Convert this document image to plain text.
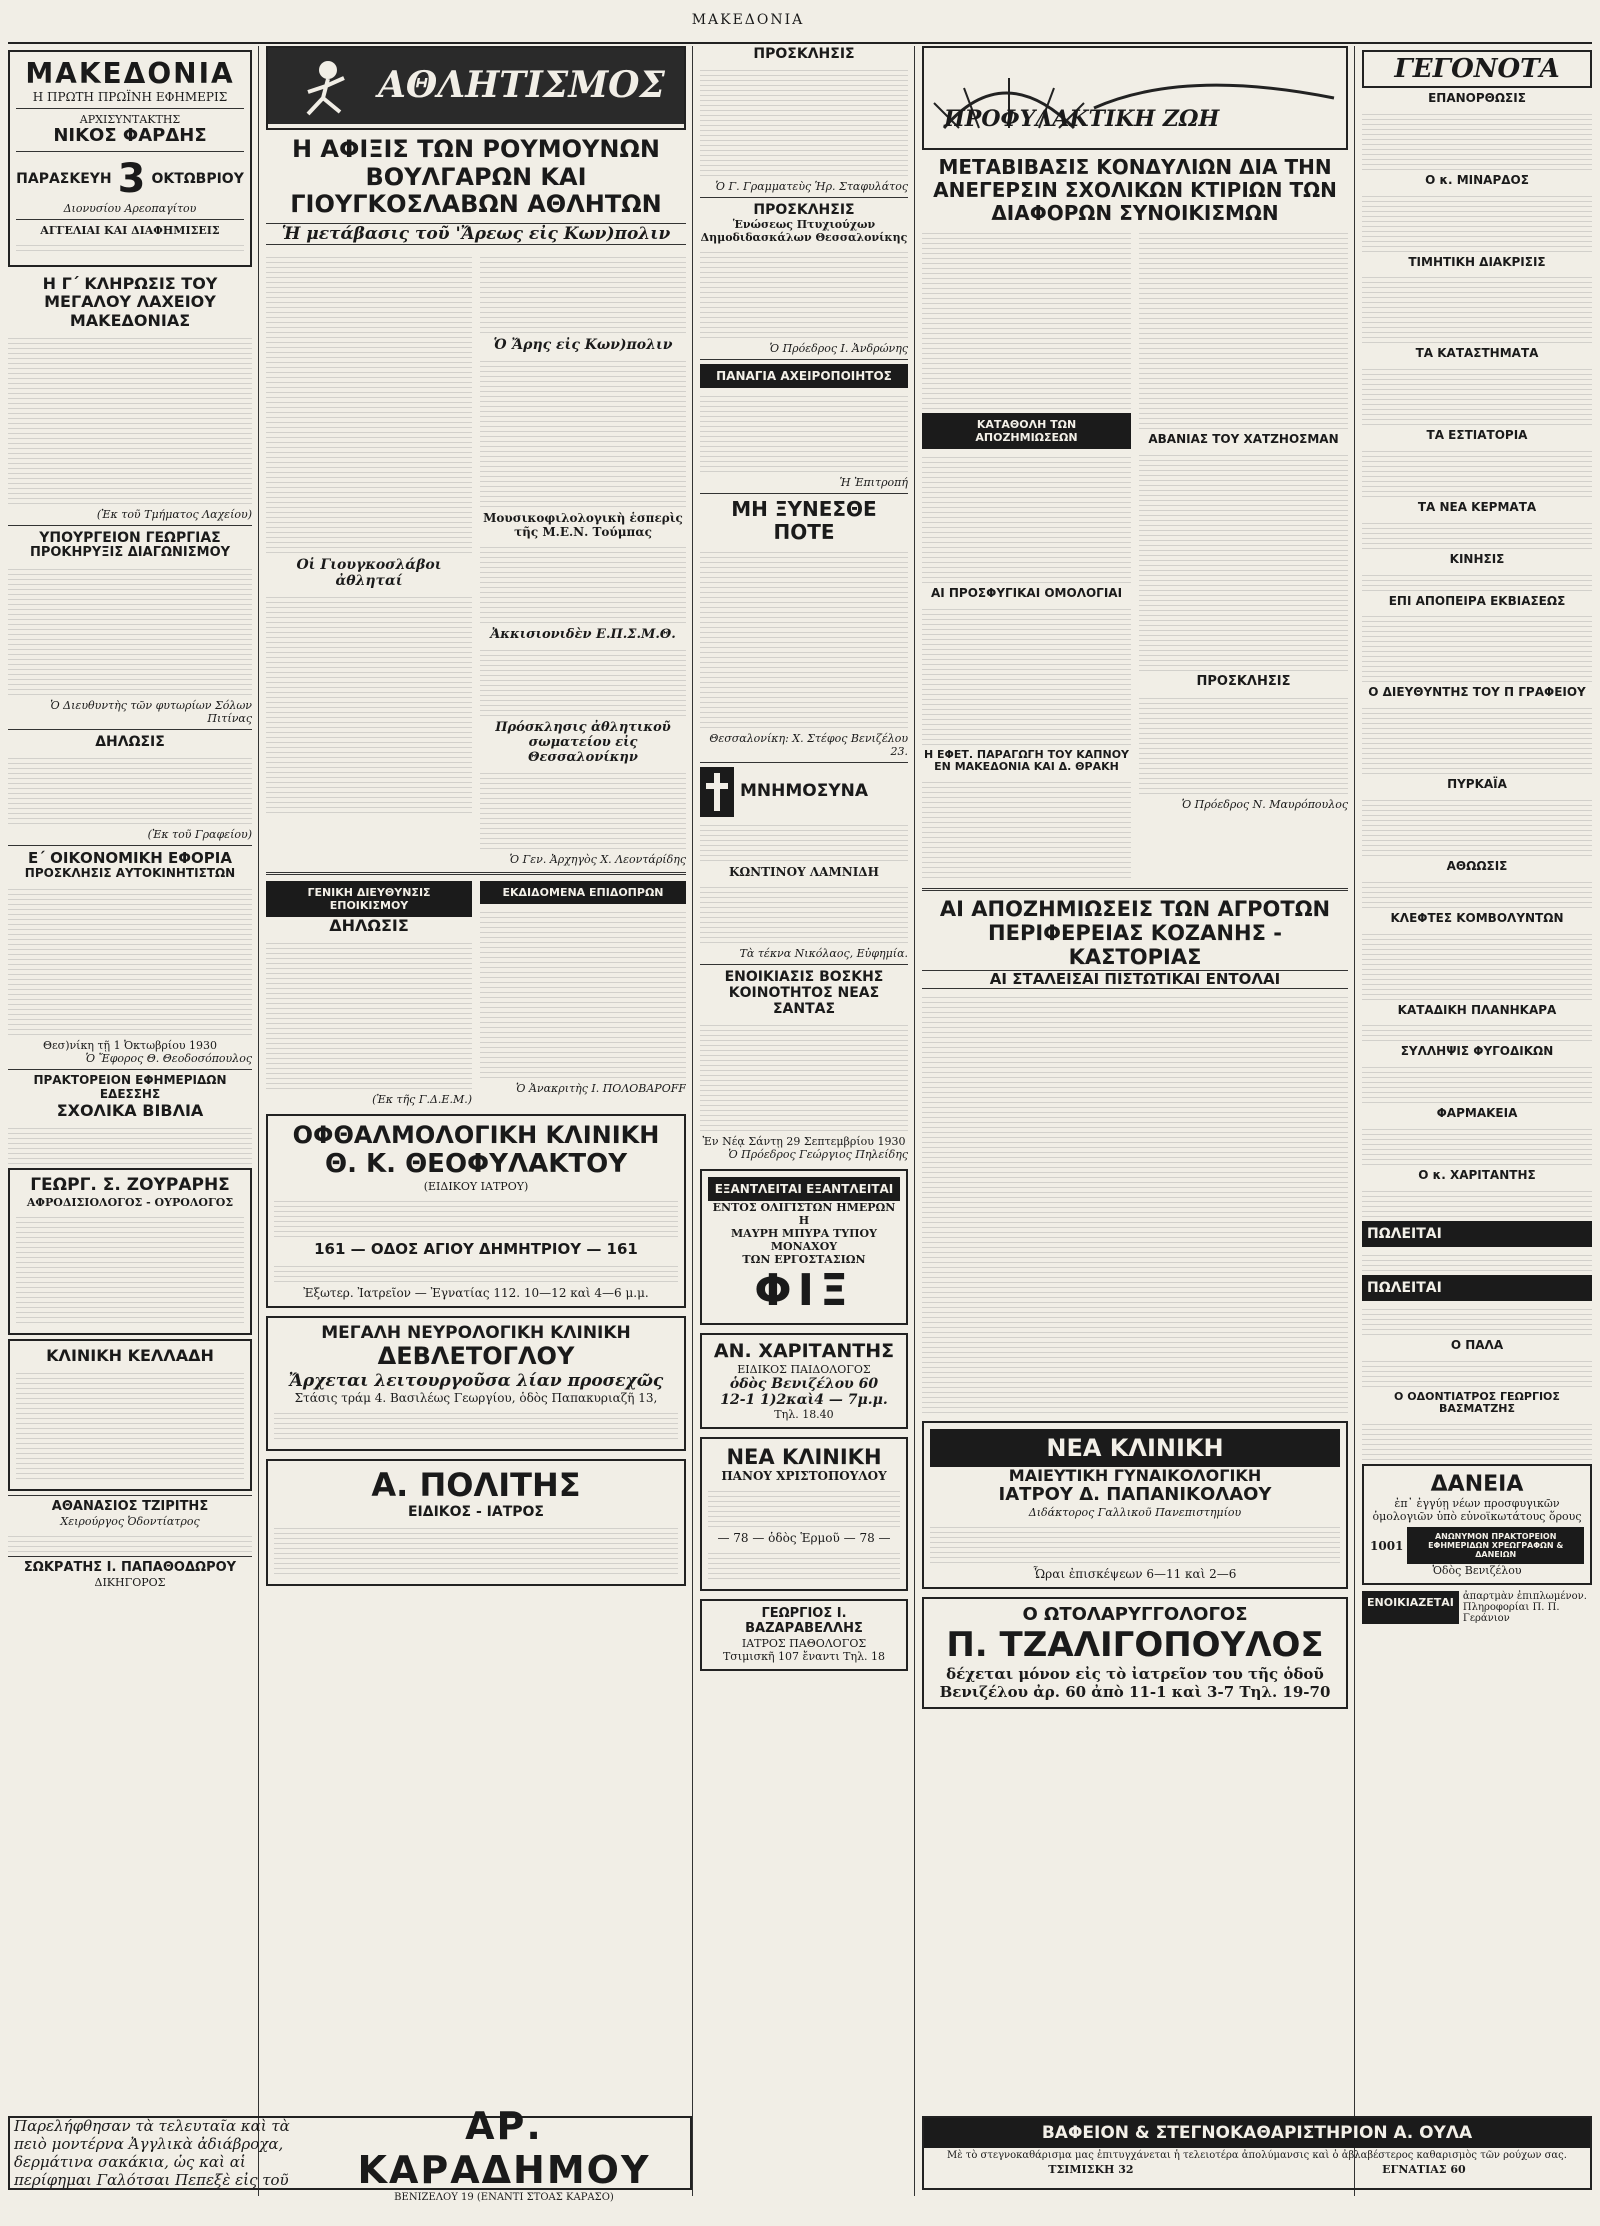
ΜΑΚΕΔΟΝΙΑ
ΜΑΚΕΔΟΝΙΑ
Η ΠΡΩΤΗ ΠΡΩΪΝΗ ΕΦΗΜΕΡΙΣ
ΑΡΧΙΣΥΝΤΑΚΤΗΣ
ΝΙΚΟΣ ΦΑΡΔΗΣ
ΠΑΡΑΣΚΕΥΗ 3 ΟΚΤΩΒΡΙΟΥ
Διονυσίου Αρεοπαγίτου
ΑΓΓΕΛΙΑΙ ΚΑΙ ΔΙΑΦΗΜΙΣΕΙΣ
Η Γ΄ ΚΛΗΡΩΣΙΣ ΤΟΥ ΜΕΓΑΛΟΥ ΛΑΧΕΙΟΥ ΜΑΚΕΔΟΝΙΑΣ
(Ἐκ τοῦ Τμήματος Λαχείου)
ΥΠΟΥΡΓΕΙΟΝ ΓΕΩΡΓΙΑΣ
ΠΡΟΚΗΡΥΞΙΣ ΔΙΑΓΩΝΙΣΜΟΥ
Ὁ Διευθυντὴς τῶν φυτωρίων Σόλων Πιτίνας
ΔΗΛΩΣΙΣ
(Ἐκ τοῦ Γραφείου)
Ε΄ ΟΙΚΟΝΟΜΙΚΗ ΕΦΟΡΙΑ
ΠΡΟΣΚΛΗΣΙΣ ΑΥΤΟΚΙΝΗΤΙΣΤΩΝ
Θεσ)νίκη τῇ 1 Ὀκτωβρίου 1930
Ὁ Ἔφορος Θ. Θεοδοσόπουλος
ΠΡΑΚΤΟΡΕΙΟΝ ΕΦΗΜΕΡΙΔΩΝ ΕΔΕΣΣΗΣ
ΣΧΟΛΙΚΑ ΒΙΒΛΙΑ
ΓΕΩΡΓ. Σ. ΖΟΥΡΑΡΗΣ
ΑΦΡΟΔΙΣΙΟΛΟΓΟΣ - ΟΥΡΟΛΟΓΟΣ
ΚΛΙΝΙΚΗ ΚΕΛΛΑΔΗ
ΑΘΑΝΑΣΙΟΣ ΤΖΙΡΙΤΗΣ
Χειρούργος Ὀδοντίατρος
ΣΩΚΡΑΤΗΣ Ι. ΠΑΠΑΘΟΔΩΡΟΥ
ΔΙΚΗΓΟΡΟΣ
ΑΘΛΗΤΙΣΜΟΣ
Η ΑΦΙΞΙΣ ΤΩΝ ΡΟΥΜΟΥΝΩΝ ΒΟΥΛΓΑΡΩΝ ΚΑΙ ΓΙΟΥΓΚΟΣΛΑΒΩΝ ΑΘΛΗΤΩΝ
Ἡ μετάβασις τοῦ 'Ἄρεως εἰς Κων)πολιν
Οἱ Γιουγκοσλάβοι ἀθληταί
Ὁ Ἄρης εἰς Κων)πολιν
Μουσικοφιλολογικὴ ἑσπερὶς τῆς Μ.Ε.Ν. Τούμπας
Ἀκκισιονιδὲν Ε.Π.Σ.Μ.Θ.
Πρόσκλησις ἀθλητικοῦ σωματείου εἰς Θεσσαλονίκην
Ὁ Γεν. Ἀρχηγὸς Χ. Λεοντάρίδης
ΓΕΝΙΚΗ ΔΙΕΥΘΥΝΣΙΣ ΕΠΟΙΚΙΣΜΟΥ
ΔΗΛΩΣΙΣ
(Ἐκ τῆς Γ.Δ.Ε.Μ.)
ΕΚΔΙΔΟΜΕΝΑ ΕΠΙΔΟΠΡΩΝ
Ὁ Ἀνακριτὴς Ι. ΠΟΛΟΒΑΡΟFF
ΟΦΘΑΛΜΟΛΟΓΙΚΗ ΚΛΙΝΙΚΗ
Θ. Κ. ΘΕΟΦΥΛΑΚΤΟΥ
(ΕΙΔΙΚΟΥ ΙΑΤΡΟΥ)
161 — ΟΔΟΣ ΑΓΙΟΥ ΔΗΜΗΤΡΙΟΥ — 161
Ἐξωτερ. Ἰατρεῖον — Ἐγνατίας 112. 10—12 καὶ 4—6 μ.μ.
ΜΕΓΑΛΗ ΝΕΥΡΟΛΟΓΙΚΗ ΚΛΙΝΙΚΗ
ΔΕΒΛΕΤΟΓΛΟΥ
Ἄρχεται λειτουργοῦσα λίαν προσεχῶς
Στάσις τράμ 4. Βασιλέως Γεωργίου, ὁδὸς Παπακυριαζῆ 13,
Α. ΠΟΛΙΤΗΣ
ΕΙΔΙΚΟΣ - ΙΑΤΡΟΣ
ΠΡΟΣΚΛΗΣΙΣ
Ὁ Γ. Γραμματεὺς Ἡρ. Σταφυλάτος
ΠΡΟΣΚΛΗΣΙΣ
Ἑνώσεως Πτυχιούχων Δημοδιδασκάλων Θεσσαλονίκης
Ὁ Πρόεδρος Ι. Ἀνδρώνης
ΠΑΝΑΓΙΑ ΑΧΕΙΡΟΠΟΙΗΤΟΣ
Ἡ Ἐπιτροπή
ΜΗ ΞΥΝΕΣΘΕ ΠΟΤΕ
Θεσσαλονίκη: Χ. Στέφος Βενιζέλου 23.
ΜΝΗΜΟΣΥΝΑ
ΚΩΝΤΙΝΟΥ ΛΑΜΝΙΔΗ
Τὰ τέκνα Νικόλαος, Εὐφημία.
ΕΝΟΙΚΙΑΣΙΣ ΒΟΣΚΗΣ ΚΟΙΝΟΤΗΤΟΣ ΝΕΑΣ ΣΑΝΤΑΣ
Ἐν Νέᾳ Σάντῃ 29 Σεπτεμβρίου 1930
Ὁ Πρόεδρος Γεώργιος Πηλείδης
ΕΞΑΝΤΛΕΙΤΑΙ ΕΞΑΝΤΛΕΙΤΑΙ
ΕΝΤΟΣ ΟΛΙΓΙΣΤΩΝ ΗΜΕΡΩΝ Η
ΜΑΥΡΗ ΜΠΥΡΑ ΤΥΠΟΥ ΜΟΝΑΧΟΥ
ΤΩΝ ΕΡΓΟΣΤΑΣΙΩΝ
ΦΙΞ
ΑΝ. ΧΑΡΙΤΑΝΤΗΣ
ΕΙΔΙΚΟΣ ΠΑΙΔΟΛΟΓΟΣ
ὁδὸς Βενιζέλου 60
12-1 1)2καὶ4 — 7μ.μ.
Τηλ. 18.40
ΝΕΑ ΚΛΙΝΙΚΗ
ΠΑΝΟΥ ΧΡΙΣΤΟΠΟΥΛΟΥ
— 78 — ὁδὸς Ἑρμοῦ — 78 —
ΓΕΩΡΓΙΟΣ Ι. ΒΑΖΑΡΑΒΕΛΛΗΣ
ΙΑΤΡΟΣ ΠΑΘΟΛΟΓΟΣ
Τσιμισκῆ 107 ἔναντι Τηλ. 18
ΠΡΟΦΥΛΑΚΤΙΚΗ ΖΩΗ
ΜΕΤΑΒΙΒΑΣΙΣ ΚΟΝΔΥΛΙΩΝ ΔΙΑ ΤΗΝ ΑΝΕΓΕΡΣΙΝ ΣΧΟΛΙΚΩΝ ΚΤΙΡΙΩΝ ΤΩΝ ΔΙΑΦΟΡΩΝ ΣΥΝΟΙΚΙΣΜΩΝ
ΚΑΤΑΘΟΛΗ ΤΩΝ ΑΠΟΖΗΜΙΩΣΕΩΝ
ΑΙ ΠΡΟΣΦΥΓΙΚΑΙ ΟΜΟΛΟΓΙΑΙ
Η ΕΦΕΤ. ΠΑΡΑΓΩΓΗ ΤΟΥ ΚΑΠΝΟΥ ΕΝ ΜΑΚΕΔΟΝΙΑ ΚΑΙ Δ. ΘΡΑΚΗ
ΑΒΑΝΙΑΣ ΤΟΥ ΧΑΤΖΗΟΣΜΑΝ
ΠΡΟΣΚΛΗΣΙΣ
Ὁ Πρόεδρος Ν. Μαυρόπουλος
ΑΙ ΑΠΟΖΗΜΙΩΣΕΙΣ ΤΩΝ ΑΓΡΟΤΩΝ
ΠΕΡΙΦΕΡΕΙΑΣ ΚΟΖΑΝΗΣ - ΚΑΣΤΟΡΙΑΣ
ΑΙ ΣΤΑΛΕΙΣΑΙ ΠΙΣΤΩΤΙΚΑΙ ΕΝΤΟΛΑΙ
ΝΕΑ ΚΛΙΝΙΚΗ
ΜΑΙΕΥΤΙΚΗ ΓΥΝΑΙΚΟΛΟΓΙΚΗ
ΙΑΤΡΟΥ Δ. ΠΑΠΑΝΙΚΟΛΑΟΥ
Διδάκτορος Γαλλικοῦ Πανεπιστημίου
Ὧραι ἐπισκέψεων 6—11 καὶ 2—6
Ο ΩΤΟΛΑΡΥΓΓΟΛΟΓΟΣ
Π. ΤΖΑΛΙΓΟΠΟΥΛΟΣ
δέχεται μόνον εἰς τὸ ἰατρεῖον του τῆς ὁδοῦ
Βενιζέλου ἀρ. 60 ἀπὸ 11-1 καὶ 3-7 Τηλ. 19-70
ΓΕΓΟΝΟΤΑ
ΕΠΑΝΟΡΘΩΣΙΣ
Ο κ. ΜΙΝΑΡΔΟΣ
ΤΙΜΗΤΙΚΗ ΔΙΑΚΡΙΣΙΣ
ΤΑ ΚΑΤΑΣΤΗΜΑΤΑ
ΤΑ ΕΣΤΙΑΤΟΡΙΑ
ΤΑ ΝΕΑ ΚΕΡΜΑΤΑ
ΚΙΝΗΣΙΣ
ΕΠΙ ΑΠΟΠΕΙΡΑ ΕΚΒΙΑΣΕΩΣ
Ο ΔΙΕΥΘΥΝΤΗΣ ΤΟΥ Π ΓΡΑΦΕΙΟΥ
ΠΥΡΚΑΪΑ
ΑΘΩΩΣΙΣ
ΚΛΕΦΤΕΣ ΚΟΜΒΟΛΥΝΤΩΝ
ΚΑΤΑΔΙΚΗ ΠΛΑΝΗΚΑΡΑ
ΣΥΛΛΗΨΙΣ ΦΥΓΟΔΙΚΩΝ
ΦΑΡΜΑΚΕΙΑ
Ο κ. ΧΑΡΙΤΑΝΤΗΣ
ΠΩΛΕΙΤΑΙ
ΠΩΛΕΙΤΑΙ
Ο ΠΑΛΑ
Ο ΟΔΟΝΤΙΑΤΡΟΣ ΓΕΩΡΓΙΟΣ ΒΑΣΜΑΤΖΗΣ
ΔΑΝΕΙΑ
ἐπ᾽ ἐγγύῃ νέων προσφυγικῶν ὁμολογιῶν ὑπὸ εὐνοϊκωτάτους ὅρους
1001
ΑΝΩΝΥΜΟΝ ΠΡΑΚΤΟΡΕΙΟΝ ΕΦΗΜΕΡΙΔΩΝ ΧΡΕΩΓΡΑΦΩΝ & ΔΑΝΕΙΩΝ
Ὁδὸς Βενιζέλου
ΕΝΟΙΚΙΑΖΕΤΑΙ ἀπαρτμὰν ἐπιπλωμένον. Πληροφορίαι Π. Π. Γεράνιον
Παρελήφθησαν τὰ τελευταῖα καὶ τὰ πειὸ μοντέρνα Ἀγγλικὰ ἀδιάβροχα, δερμάτινα σακάκια, ὡς καὶ αἱ περίφημαι Γαλότσαι Πεπεξὲ εἰς τοῦ
ΑΡ. ΚΑΡΑΔΗΜΟΥ
ΒΕΝΙΖΕΛΟΥ 19 (ΕΝΑΝΤΙ ΣΤΟΑΣ ΚΑΡΑΣΟ)
ΒΑΦΕΙΟΝ & ΣΤΕΓΝΟΚΑΘΑΡΙΣΤΗΡΙΟΝ Α. ΟΥΛΑ
Μὲ τὸ στεγνοκαθάρισμα μας ἐπιτυγχάνεται ἡ τελειοτέρα ἀπολύμανσις καὶ ὁ ἀβλαβέστερος καθαρισμὸς τῶν ρούχων σας.
ΤΣΙΜΙΣΚΗ 32	ΕΓΝΑΤΙΑΣ 60
